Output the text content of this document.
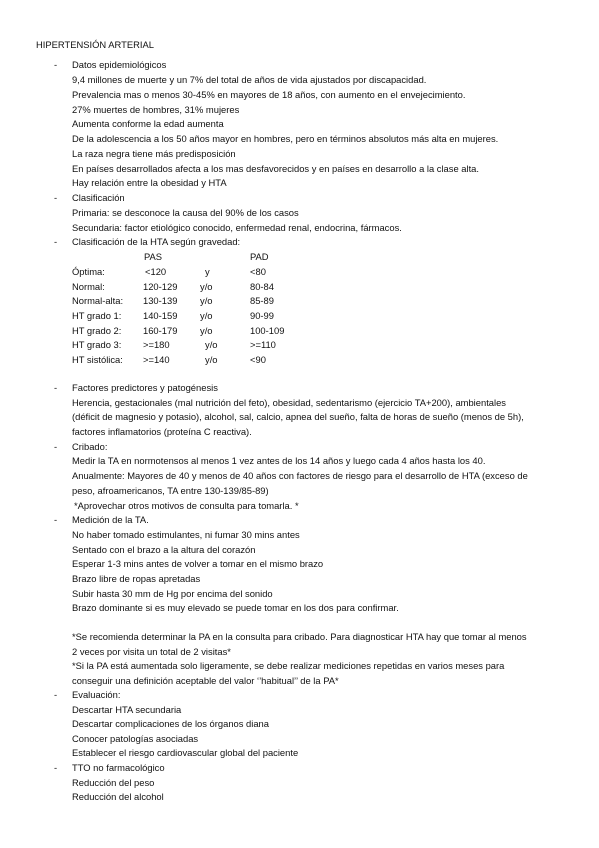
HIPERTENSIÓN ARTERIAL
- Datos epidemiológicos
9,4 millones de muerte y un 7% del total de años de vida ajustados por discapacidad.
Prevalencia mas o menos 30-45% en mayores de 18 años, con aumento en el envejecimiento.
27% muertes de hombres, 31% mujeres
Aumenta conforme la edad aumenta
De la adolescencia a los 50 años mayor en hombres, pero en términos absolutos más alta en mujeres.
La raza negra tiene más predisposición
En países desarrollados afecta a los mas desfavorecidos y en países en desarrollo a la clase alta.
Hay relación entre la obesidad y HTA
- Clasificación
Primaria: se desconoce la causa del 90% de los casos
Secundaria: factor etiológico conocido, enfermedad renal, endocrina, fármacos.
- Clasificación de la HTA según gravedad:
PAS	PAD
Óptima:	<120	y	<80
Normal:	120-129 y/o	80-84
Normal-alta: 130-139 y/o	85-89
HT grado 1: 140-159 y/o	90-99
HT grado 2: 160-179 y/o	100-109
HT grado 3: >=180	y/o	>=110
HT sistólica: >=140	y/o	<90
- Factores predictores y patogénesis
Herencia, gestacionales (mal nutrición del feto), obesidad, sedentarismo (ejercicio TA+200), ambientales
(déficit de magnesio y potasio), alcohol, sal, calcio, apnea del sueño, falta de horas de sueño (menos de 5h),
factores inflamatorios (proteína C reactiva).
- Cribado:
Medir la TA en normotensos al menos 1 vez antes de los 14 años y luego cada 4 años hasta los 40.
Anualmente: Mayores de 40 y menos de 40 años con factores de riesgo para el desarrollo de HTA (exceso de
peso, afroamericanos, TA entre 130-139/85-89)
*Aprovechar otros motivos de consulta para tomarla. *
- Medición de la TA.
No haber tomado estimulantes, ni fumar 30 mins antes
Sentado con el brazo a la altura del corazón
Esperar 1-3 mins antes de volver a tomar en el mismo brazo
Brazo libre de ropas apretadas
Subir hasta 30 mm de Hg por encima del sonido
Brazo dominante si es muy elevado se puede tomar en los dos para confirmar.
*Se recomienda determinar la PA en la consulta para cribado. Para diagnosticar HTA hay que tomar al menos
2 veces por visita un total de 2 visitas*
*Si la PA está aumentada solo ligeramente, se debe realizar mediciones repetidas en varios meses para
conseguir una definición aceptable del valor ‘’habitual’’ de la PA*
- Evaluación:
Descartar HTA secundaria
Descartar complicaciones de los órganos diana
Conocer patologías asociadas
Establecer el riesgo cardiovascular global del paciente
- TTO no farmacológico
Reducción del peso
Reducción del alcohol
